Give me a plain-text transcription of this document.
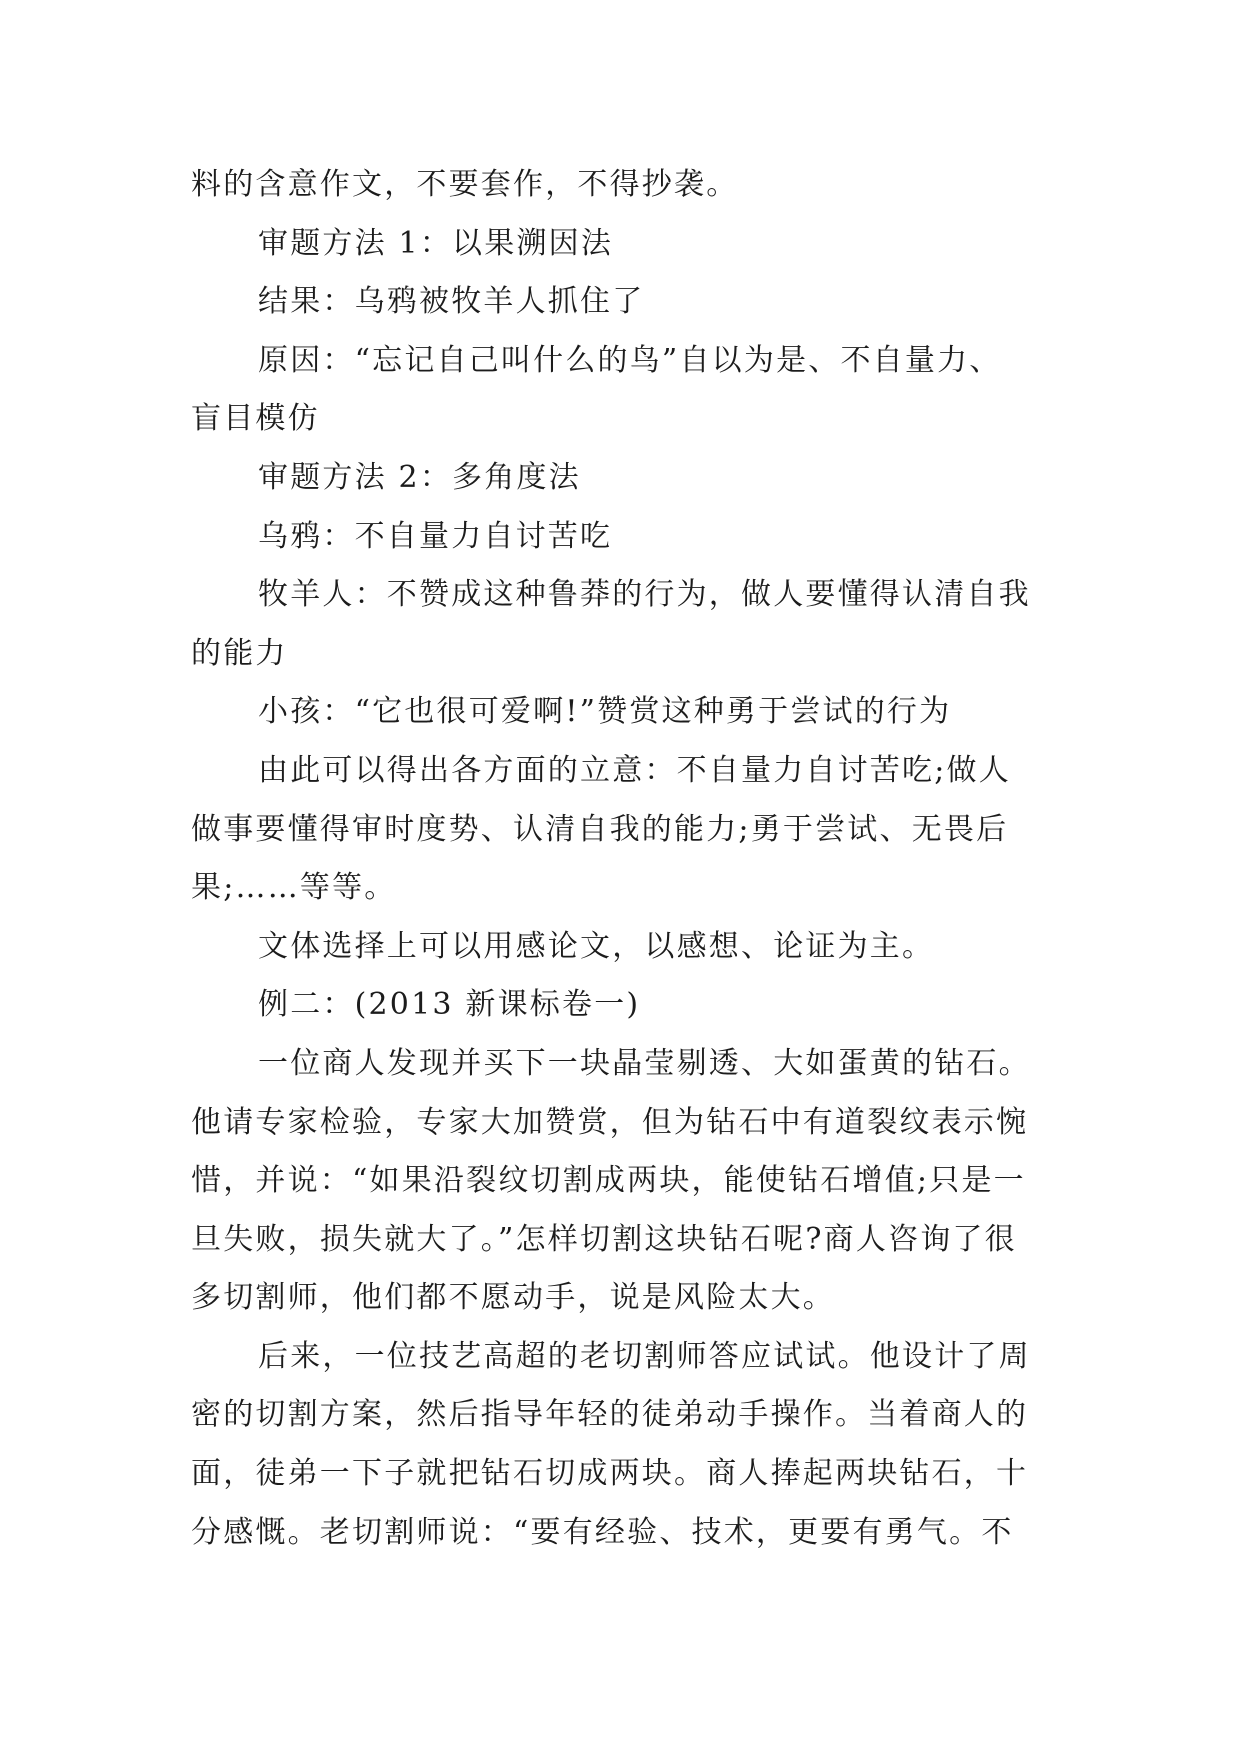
料的含意作文，不要套作，不得抄袭。

审题方法 1：以果溯因法

结果：乌鸦被牧羊人抓住了

原因：“忘记自己叫什么的鸟”自以为是、不自量力、
盲目模仿

审题方法 2：多角度法

乌鸦：不自量力自讨苦吃

牧羊人：不赞成这种鲁莽的行为，做人要懂得认清自我
的能力

小孩：“它也很可爱啊!”赞赏这种勇于尝试的行为

由此可以得出各方面的立意：不自量力自讨苦吃;做人
做事要懂得审时度势、认清自我的能力;勇于尝试、无畏后
果;……等等。

文体选择上可以用感论文，以感想、论证为主。

例二：(2013 新课标卷一)

一位商人发现并买下一块晶莹剔透、大如蛋黄的钻石。
他请专家检验，专家大加赞赏，但为钻石中有道裂纹表示惋
惜，并说：“如果沿裂纹切割成两块，能使钻石增值;只是一
旦失败，损失就大了。”怎样切割这块钻石呢?商人咨询了很
多切割师，他们都不愿动手，说是风险太大。

后来，一位技艺高超的老切割师答应试试。他设计了周
密的切割方案，然后指导年轻的徒弟动手操作。当着商人的
面，徒弟一下子就把钻石切成两块。商人捧起两块钻石，十
分感慨。老切割师说：“要有经验、技术，更要有勇气。不
